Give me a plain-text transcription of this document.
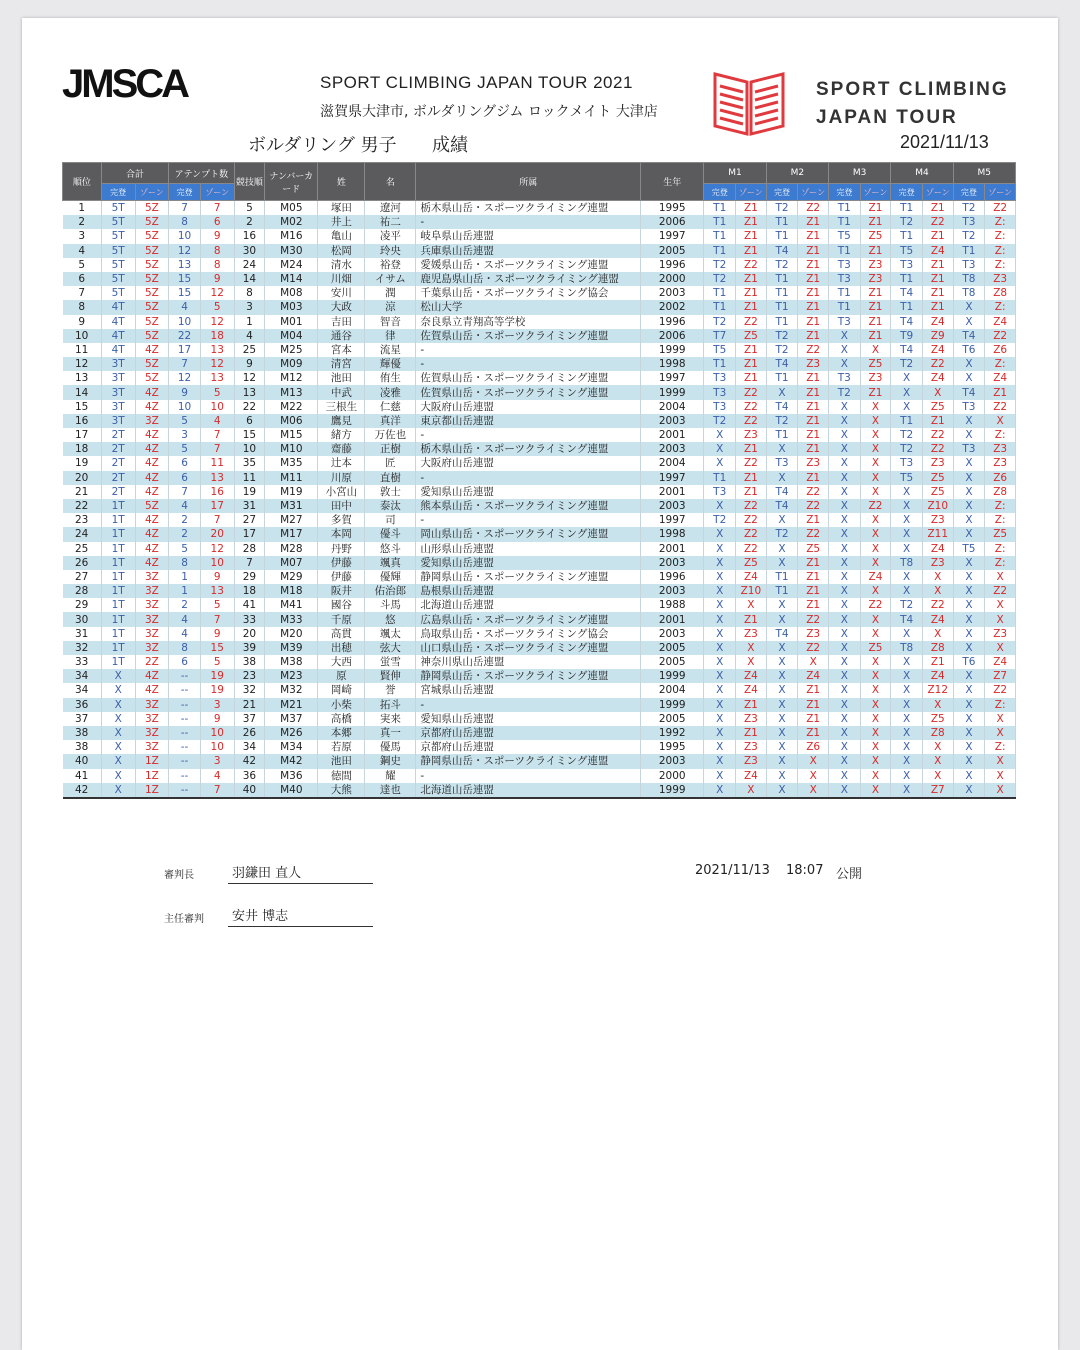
JMSCA	SPORT CLIMBING JAPAN TOUR 2021
滋賀県大津市, ボルダリングジム ロックメイト 大津店
ボルダリング 男子 成績	2021/11/13
SPORT CLIMBING
JAPAN TOUR
順位	合計		アテンプト数		競技順	ナンバーカード	姓	名	所属	生年	M1		M2		M3		M4		M5	
	完登	ゾーン	完登	ゾーン							完登	ゾーン	完登	ゾーン	完登	ゾーン	完登	ゾーン	完登	ゾーン
1	5T	5Z	7	7	5	M05	塚田	遼河	栃木県山岳・スポーツクライミング連盟	1995	T1	Z1	T2	Z2	T1	Z1	T1	Z1	T2	Z2
2	5T	5Z	8	6	2	M02	井上	祐二	-	2006	T1	Z1	T1	Z1	T1	Z1	T2	Z2	T3	Z:
3	5T	5Z	10	9	16	M16	亀山	凌平	岐阜県山岳連盟	1997	T1	Z1	T1	Z1	T5	Z5	T1	Z1	T2	Z:
4	5T	5Z	12	8	30	M30	松岡	玲央	兵庫県山岳連盟	2005	T1	Z1	T4	Z1	T1	Z1	T5	Z4	T1	Z:
5	5T	5Z	13	8	24	M24	清水	裕登	愛媛県山岳・スポーツクライミング連盟	1996	T2	Z2	T2	Z1	T3	Z3	T3	Z1	T3	Z:
6	5T	5Z	15	9	14	M14	川畑	イサム	鹿児島県山岳・スポーツクライミング連盟	2000	T2	Z1	T1	Z1	T3	Z3	T1	Z1	T8	Z3
7	5T	5Z	15	12	8	M08	安川	潤	千葉県山岳・スポーツクライミング協会	2003	T1	Z1	T1	Z1	T1	Z1	T4	Z1	T8	Z8
8	4T	5Z	4	5	3	M03	大政	涼	松山大学	2002	T1	Z1	T1	Z1	T1	Z1	T1	Z1	X	Z:
9	4T	5Z	10	12	1	M01	吉田	智音	奈良県立青翔高等学校	1996	T2	Z2	T1	Z1	T3	Z1	T4	Z4	X	Z4
10	4T	5Z	22	18	4	M04	通谷	律	佐賀県山岳・スポーツクライミング連盟	2006	T7	Z5	T2	Z1	X	Z1	T9	Z9	T4	Z2
11	4T	4Z	17	13	25	M25	宮本	流星	-	1999	T5	Z1	T2	Z2	X	X	T4	Z4	T6	Z6
12	3T	5Z	7	12	9	M09	清宮	輝優	-	1998	T1	Z1	T4	Z3	X	Z5	T2	Z2	X	Z:
13	3T	5Z	12	13	12	M12	池田	侑生	佐賀県山岳・スポーツクライミング連盟	1997	T3	Z1	T1	Z1	T3	Z3	X	Z4	X	Z4
14	3T	4Z	9	5	13	M13	中武	凌雅	佐賀県山岳・スポーツクライミング連盟	1999	T3	Z2	X	Z1	T2	Z1	X	X	T4	Z1
15	3T	4Z	10	10	22	M22	三根生	仁慈	大阪府山岳連盟	2004	T3	Z2	T4	Z1	X	X	X	Z5	T3	Z2
16	3T	3Z	5	4	6	M06	鷹見	真洋	東京都山岳連盟	2003	T2	Z2	T2	Z1	X	X	T1	Z1	X	X
17	2T	4Z	3	7	15	M15	緒方	万佐也	-	2001	X	Z3	T1	Z1	X	X	T2	Z2	X	Z:
18	2T	4Z	5	7	10	M10	齋藤	正樹	栃木県山岳・スポーツクライミング連盟	2003	X	Z1	X	Z1	X	X	T2	Z2	T3	Z3
19	2T	4Z	6	11	35	M35	辻本	匠	大阪府山岳連盟	2004	X	Z2	T3	Z3	X	X	T3	Z3	X	Z3
20	2T	4Z	6	13	11	M11	川原	直樹	-	1997	T1	Z1	X	Z1	X	X	T5	Z5	X	Z6
21	2T	4Z	7	16	19	M19	小宮山	敦士	愛知県山岳連盟	2001	T3	Z1	T4	Z2	X	X	X	Z5	X	Z8
22	1T	5Z	4	17	31	M31	田中	泰汰	熊本県山岳・スポーツクライミング連盟	2003	X	Z2	T4	Z2	X	Z2	X	Z10	X	Z:
23	1T	4Z	2	7	27	M27	多賀	司	-	1997	T2	Z2	X	Z1	X	X	X	Z3	X	Z:
24	1T	4Z	2	20	17	M17	本岡	優斗	岡山県山岳・スポーツクライミング連盟	1998	X	Z2	T2	Z2	X	X	X	Z11	X	Z5
25	1T	4Z	5	12	28	M28	丹野	悠斗	山形県山岳連盟	2001	X	Z2	X	Z5	X	X	X	Z4	T5	Z:
26	1T	4Z	8	10	7	M07	伊藤	颯真	愛知県山岳連盟	2003	X	Z5	X	Z1	X	X	T8	Z3	X	Z:
27	1T	3Z	1	9	29	M29	伊藤	優輝	静岡県山岳・スポーツクライミング連盟	1996	X	Z4	T1	Z1	X	Z4	X	X	X	X
28	1T	3Z	1	13	18	M18	阪井	佑治郎	島根県山岳連盟	2003	X	Z10	T1	Z1	X	X	X	X	X	Z2
29	1T	3Z	2	5	41	M41	國谷	斗馬	北海道山岳連盟	1988	X	X	X	Z1	X	Z2	T2	Z2	X	X
30	1T	3Z	4	7	33	M33	千原	悠	広島県山岳・スポーツクライミング連盟	2001	X	Z1	X	Z2	X	X	T4	Z4	X	X
31	1T	3Z	4	9	20	M20	高貫	颯太	鳥取県山岳・スポーツクライミング協会	2003	X	Z3	T4	Z3	X	X	X	X	X	Z3
32	1T	3Z	8	15	39	M39	出穂	弦大	山口県山岳・スポーツクライミング連盟	2005	X	X	X	Z2	X	Z5	T8	Z8	X	X
33	1T	2Z	6	5	38	M38	大西	蛍雪	神奈川県山岳連盟	2005	X	X	X	X	X	X	X	Z1	T6	Z4
34	X	4Z	--	19	23	M23	原	賢伸	静岡県山岳・スポーツクライミング連盟	1999	X	Z4	X	Z4	X	X	X	Z4	X	Z7
34	X	4Z	--	19	32	M32	岡崎	誉	宮城県山岳連盟	2004	X	Z4	X	Z1	X	X	X	Z12	X	Z2
36	X	3Z	--	3	21	M21	小柴	拓斗	-	1999	X	Z1	X	Z1	X	X	X	X	X	Z:
37	X	3Z	--	9	37	M37	高橋	実来	愛知県山岳連盟	2005	X	Z3	X	Z1	X	X	X	Z5	X	X
38	X	3Z	--	10	26	M26	本郷	真一	京都府山岳連盟	1992	X	Z1	X	Z1	X	X	X	Z8	X	X
38	X	3Z	--	10	34	M34	若原	優馬	京都府山岳連盟	1995	X	Z3	X	Z6	X	X	X	X	X	Z:
40	X	1Z	--	3	42	M42	池田	鋼史	静岡県山岳・スポーツクライミング連盟	2003	X	Z3	X	X	X	X	X	X	X	X
41	X	1Z	--	4	36	M36	徳間	耀	-	2000	X	Z4	X	X	X	X	X	X	X	X
42	X	1Z	--	7	40	M40	大熊	達也	北海道山岳連盟	1999	X	X	X	X	X	X	X	Z7	X	X
審判長	羽鎌田 直人	2021/11/13 18:07 公開
主任審判 安井 博志
